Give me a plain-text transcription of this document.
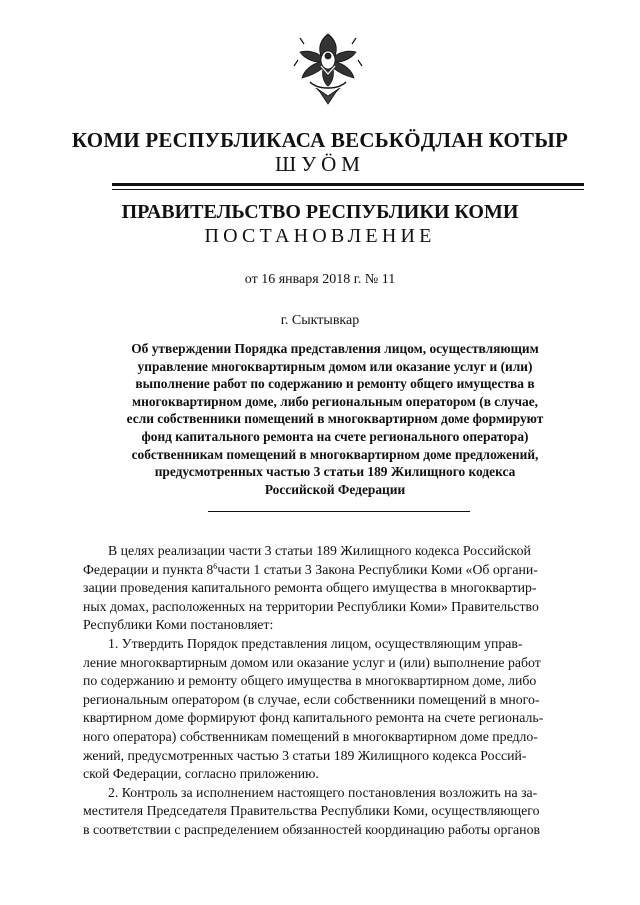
КОМИ РЕСПУБЛИКАСА ВЕСЬКӦДЛАН КОТЫР
ШУӦМ
ПРАВИТЕЛЬСТВО РЕСПУБЛИКИ КОМИ
ПОСТАНОВЛЕНИЕ
от 16 января 2018 г. № 11
г. Сыктывкар
Об утверждении Порядка представления лицом, осуществляющим
управление многоквартирным домом или оказание услуг и (или)
выполнение работ по содержанию и ремонту общего имущества в
многоквартирном доме, либо региональным оператором (в случае,
если собственники помещений в многоквартирном доме формируют
фонд капитального ремонта на счете регионального оператора)
собственникам помещений в многоквартирном доме предложений,
предусмотренных частью 3 статьи 189 Жилищного кодекса
Российской Федерации
В целях реализации части 3 статьи 189 Жилищного кодекса Российской
Федерации и пункта $8^6части$ 1 статьи 3 Закона Республики Коми «Об органи-
зации проведения капитального ремонта общего имущества в многоквартир-
ных домах, расположенных на территории Республики Коми» Правительство
Республики Коми постановляет:
1. Утвердить Порядок представления лицом, осуществляющим управ-
ление многоквартирным домом или оказание услуг и (или) выполнение работ
по содержанию и ремонту общего имущества в многоквартирном доме, либо
региональным оператором (в случае, если собственники помещений в много-
квартирном доме формируют фонд капитального ремонта на счете региональ-
ного оператора) собственникам помещений в многоквартирном доме предло-
жений, предусмотренных частью 3 статьи 189 Жилищного кодекса Россий-
ской Федерации, согласно приложению.
2. Контроль за исполнением настоящего постановления возложить на за-
местителя Председателя Правительства Республики Коми, осуществляющего
в соответствии с распределением обязанностей координацию работы органов
